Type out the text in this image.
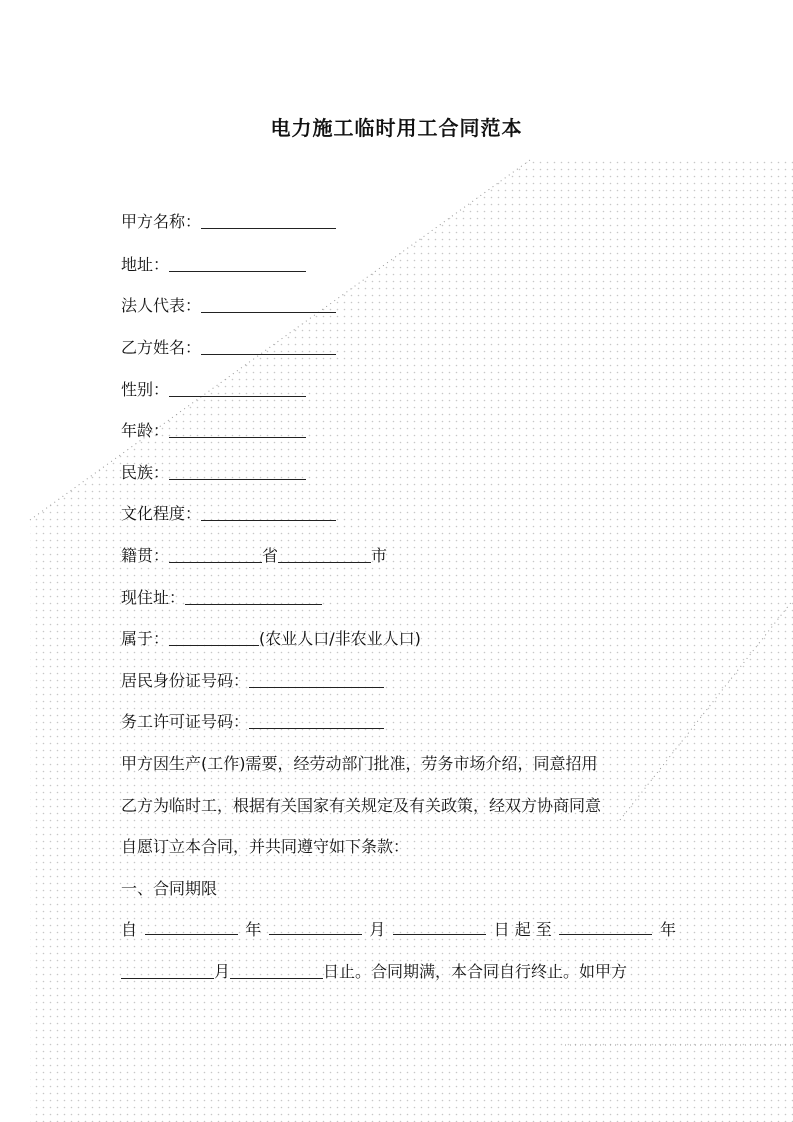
电力施工临时用工合同范本
甲方名称：
地址：
法人代表：
乙方姓名：
性别：
年龄：
民族：
文化程度：
籍贯：	省	市
现住址：
属于：	(农业人口/非农业人口)
居民身份证号码：
务工许可证号码：
甲方因生产(工作)需要，经劳动部门批准，劳务市场介绍，同意招用
乙方为临时工，根据有关国家有关规定及有关政策，经双方协商同意
自愿订立本合同，并共同遵守如下条款：
一、合同期限
自	年	月	日 起 至	年
月	日止。合同期满，本合同自行终止。如甲方
